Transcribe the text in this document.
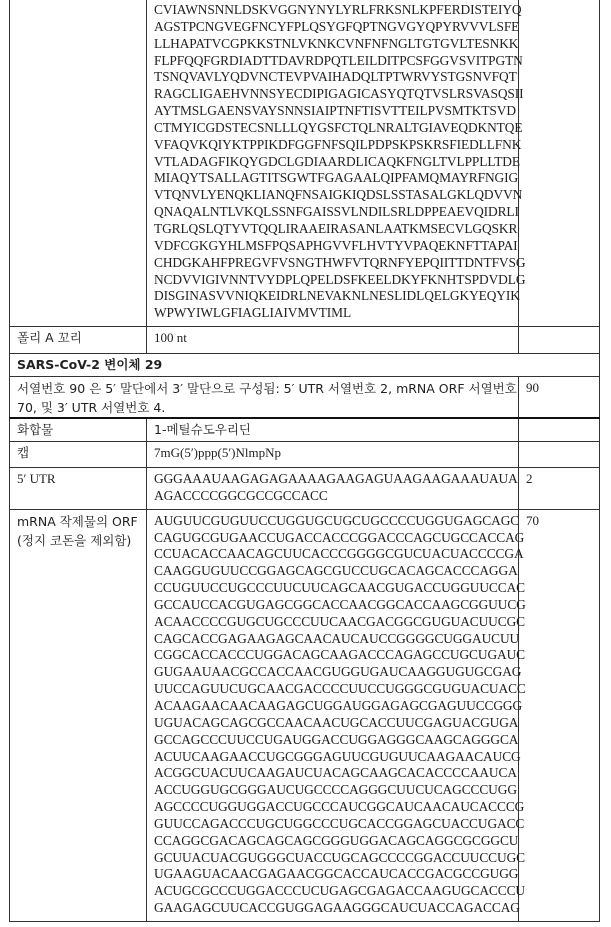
CVIAWNSNNLDSKVGGNYNYLYRLFRKSNLKPFERDISTEIYQ
AGSTPCNGVEGFNCYFPLQSYGFQPTNGVGYQPYRVVVLSFE
LLHAPATVCGPKKSTNLVKNKCVNFNFNGLTGTGVLTESNKK
FLPFQQFGRDIADTTDAVRDPQTLEILDITPCSFGGVSVITPGTN
TSNQVAVLYQDVNCTEVPVAIHADQLTPTWRVYSTGSNVFQT
RAGCLIGAEHVNNSYECDIPIGAGICASYQTQTVSLRSVASQSII
AYTMSLGAENSVAYSNNSIAIPTNFTISVTTEILPVSMTKTSVD
CTMYICGDSTECSNLLLQYGSFCTQLNRALTGIAVEQDKNTQE
VFAQVKQIYKTPPIKDFGGFNFSQILPDPSKPSKRSFIEDLLFNK
VTLADAGFIKQYGDCLGDIAARDLICAQKFNGLTVLPPLLTDE
MIAQYTSALLAGTITSGWTFGAGAALQIPFAMQMAYRFNGIG
VTQNVLYENQKLIANQFNSAIGKIQDSLSSTASALGKLQDVVN
QNAQALNTLVKQLSSNFGAISSVLNDILSRLDPPEAEVQIDRLI
TGRLQSLQTYVTQQLIRAAEIRASANLAATKMSECVLGQSKR
VDFCGKGYHLMSFPQSAPHGVVFLHVTYVPAQEKNFTTAPAI
CHDGKAHFPREGVFVSNGTHWFVTQRNFYEPQIITTDNTFVSG
NCDVVIGIVNNTVYDPLQPELDSFKEELDKYFKNHTSPDVDLG
DISGINASVVNIQKEIDRLNEVAKNLNESLIDLQELGKYEQYIK
WPWYIWLGFIAGLIAIVMVTIML

폴리 A 꼬리	100 nt	
SARS-CoV-2 변이체 29

서열번호 90 은 5′ 말단에서 3′ 말단으로 구성됨: 5′ UTR 서열번호 2, mRNA ORF 서열번호
70, 및 3′ UTR 서열번호 4.
	90
화합물	1-메틸슈도우리딘	
캡	7mG(5′)ppp(5′)NlmpNp	
5′ UTR	GGGAAAUAAGAGAGAAAAGAAGAGUAAGAAGAAAUAUA
AGACCCCGGCGCCGCCACC
	2

mRNA 작제물의 ORF
(정지 코돈을 제외함)

AUGUUCGUGUUCCUGGUGCUGCUGCCCCUGGUGAGCAGC
CAGUGCGUGAACCUGACCACCCGGACCCAGCUGCCACCAG
CCUACACCAACAGCUUCACCCGGGGCGUCUACUACCCCGA
CAAGGUGUUCCGGAGCAGCGUCCUGCACAGCACCCAGGA
CCUGUUCCUGCCCUUCUUCAGCAACGUGACCUGGUUCCAC
GCCAUCCACGUGAGCGGCACCAACGGCACCAAGCGGUUCG
ACAACCCCGUGCUGCCCUUCAACGACGGCGUGUACUUCGC
CAGCACCGAGAAGAGCAACAUCAUCCGGGGCUGGAUCUU
CGGCACCACCCUGGACAGCAAGACCCAGAGCCUGCUGAUC
GUGAAUAACGCCACCAACGUGGUGAUCAAGGUGUGCGAG
UUCCAGUUCUGCAACGACCCCUUCCUGGGCGUGUACUACC
ACAAGAACAACAAGAGCUGGAUGGAGAGCGAGUUCCGGG
UGUACAGCAGCGCCAACAACUGCACCUUCGAGUACGUGA
GCCAGCCCUUCCUGAUGGACCUGGAGGGCAAGCAGGGCA
ACUUCAAGAACCUGCGGGAGUUCGUGUUCAAGAACAUCG
ACGGCUACUUCAAGAUCUACAGCAAGCACACCCCAAUCA
ACCUGGUGCGGGAUCUGCCCCAGGGCUUCUCAGCCCUGG
AGCCCCUGGUGGACCUGCCCAUCGGCAUCAACAUCACCCG
GUUCCAGACCCUGCUGGCCCUGCACCGGAGCUACCUGACC
CCAGGCGACAGCAGCAGCGGGUGGACAGCAGGCGCGGCU
GCUUACUACGUGGGCUACCUGCAGCCCCGGACCUUCCUGC
UGAAGUACAACGAGAACGGCACCAUCACCGACGCCGUGG
ACUGCGCCCUGGACCCUCUGAGCGAGACCAAGUGCACCCU
GAAGAGCUUCACCGUGGAGAAGGGCAUCUACCAGACCAG
	70
